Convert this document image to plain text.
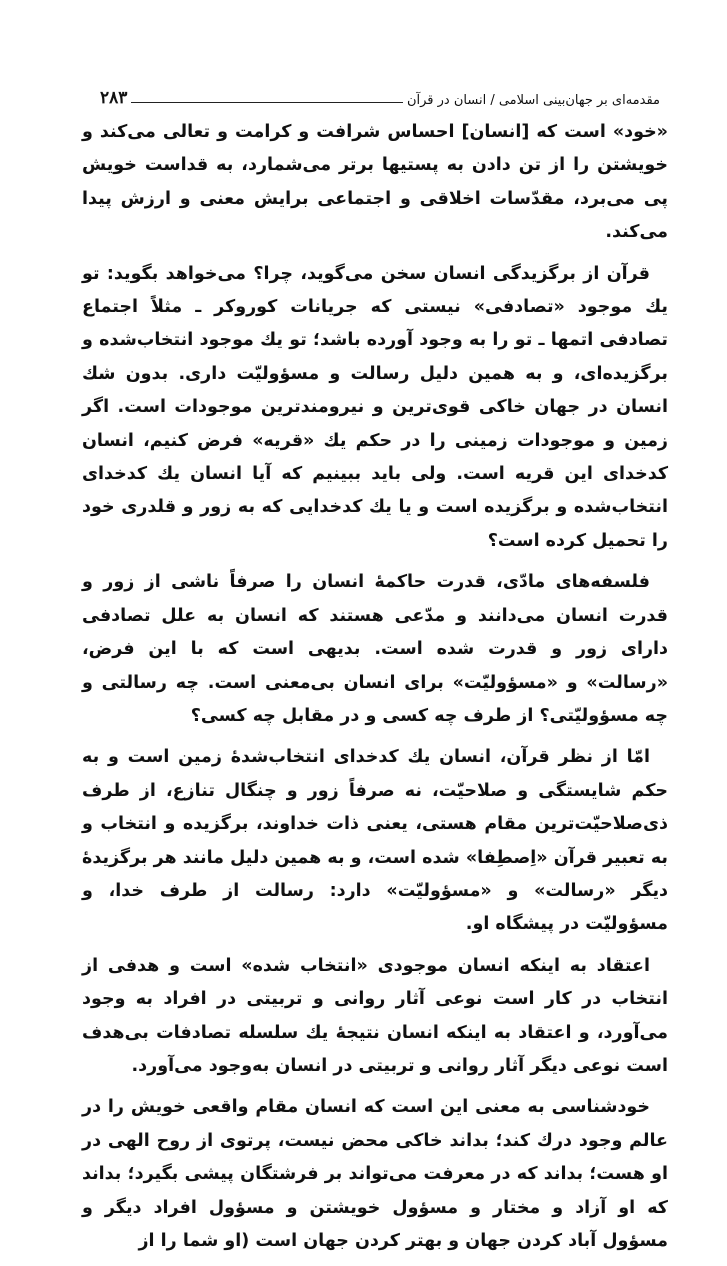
مقدمه‌ای بر جهان‌بینی اسلامی / انسان در قرآن
۲۸۳

«خود» است که [انسان] احساس شرافت و کرامت و تعالی می‌کند و خویشتن را از تن دادن به پستیها برتر می‌شمارد، به قداست خویش پی می‌برد، مقدّسات اخلاقی و اجتماعی برایش معنی و ارزش پیدا می‌کند.

قرآن از برگزیدگی انسان سخن می‌گوید، چرا؟ می‌خواهد بگوید: تو یك موجود «تصادفی» نیستی که جریانات کورو‌کر ـ مثلاً اجتماع تصادفی اتمها ـ تو را به وجود آورده باشد؛ تو یك موجود انتخاب‌شده و برگزیده‌ای، و به همین دلیل رسالت و مسؤولیّت داری. بدون شك انسان در جهان خاکی قوی‌ترین و نیرومندترین موجودات است. اگر زمین و موجودات زمینی را در حکم یك «قریه» فرض کنیم، انسان کدخدای این قریه است. ولی باید ببینیم که آیا انسان یك کدخدای انتخاب‌شده و برگزیده است و یا یك کدخدایی که به زور و قلدری خود را تحمیل کرده است؟

فلسفه‌های مادّی، قدرت حاکمهٔ انسان را صرفاً ناشی از زور و قدرت انسان می‌دانند و مدّعی هستند که انسان به علل تصادفی دارای زور و قدرت شده است. بدیهی است که با این فرض، «رسالت» و «مسؤولیّت» برای انسان بی‌معنی است. چه رسالتی و چه مسؤولیّتی؟ از طرف چه کسی و در مقابل چه کسی؟

امّا از نظر قرآن، انسان یك کدخدای انتخاب‌شدهٔ زمین است و به حکم شایستگی و صلاحیّت، نه صرفاً زور و چنگال تنازع، از طرف ذی‌صلاحیّت‌ترین مقام هستی، یعنی ذات خداوند، برگزیده و انتخاب و به تعبیر قرآن «اِصطِفا» شده است، و به همین دلیل مانند هر برگزیدهٔ دیگر «رسالت» و «مسؤولیّت» دارد: رسالت از طرف خدا، و مسؤولیّت در پیشگاه او.

اعتقاد به اینکه انسان موجودی «انتخاب شده» است و هدفی از انتخاب در کار است نوعی آثار روانی و تربیتی در افراد به وجود می‌آورد، و اعتقاد به اینکه انسان نتیجهٔ یك سلسله تصادفات بی‌هدف است نوعی دیگر آثار روانی و تربیتی در انسان به‌وجود می‌آورد.

خودشناسی به معنی این است که انسان مقام واقعی خویش را در عالم وجود درك کند؛ بداند خاکی محض نیست، پرتوی از روح الهی در او هست؛ بداند که در معرفت می‌تواند بر فرشتگان پیشی بگیرد؛ بداند که او آزاد و مختار و مسؤول خویشتن و مسؤول افراد دیگر و مسؤول آباد کردن جهان و بهتر کردن جهان است (او شما را از
